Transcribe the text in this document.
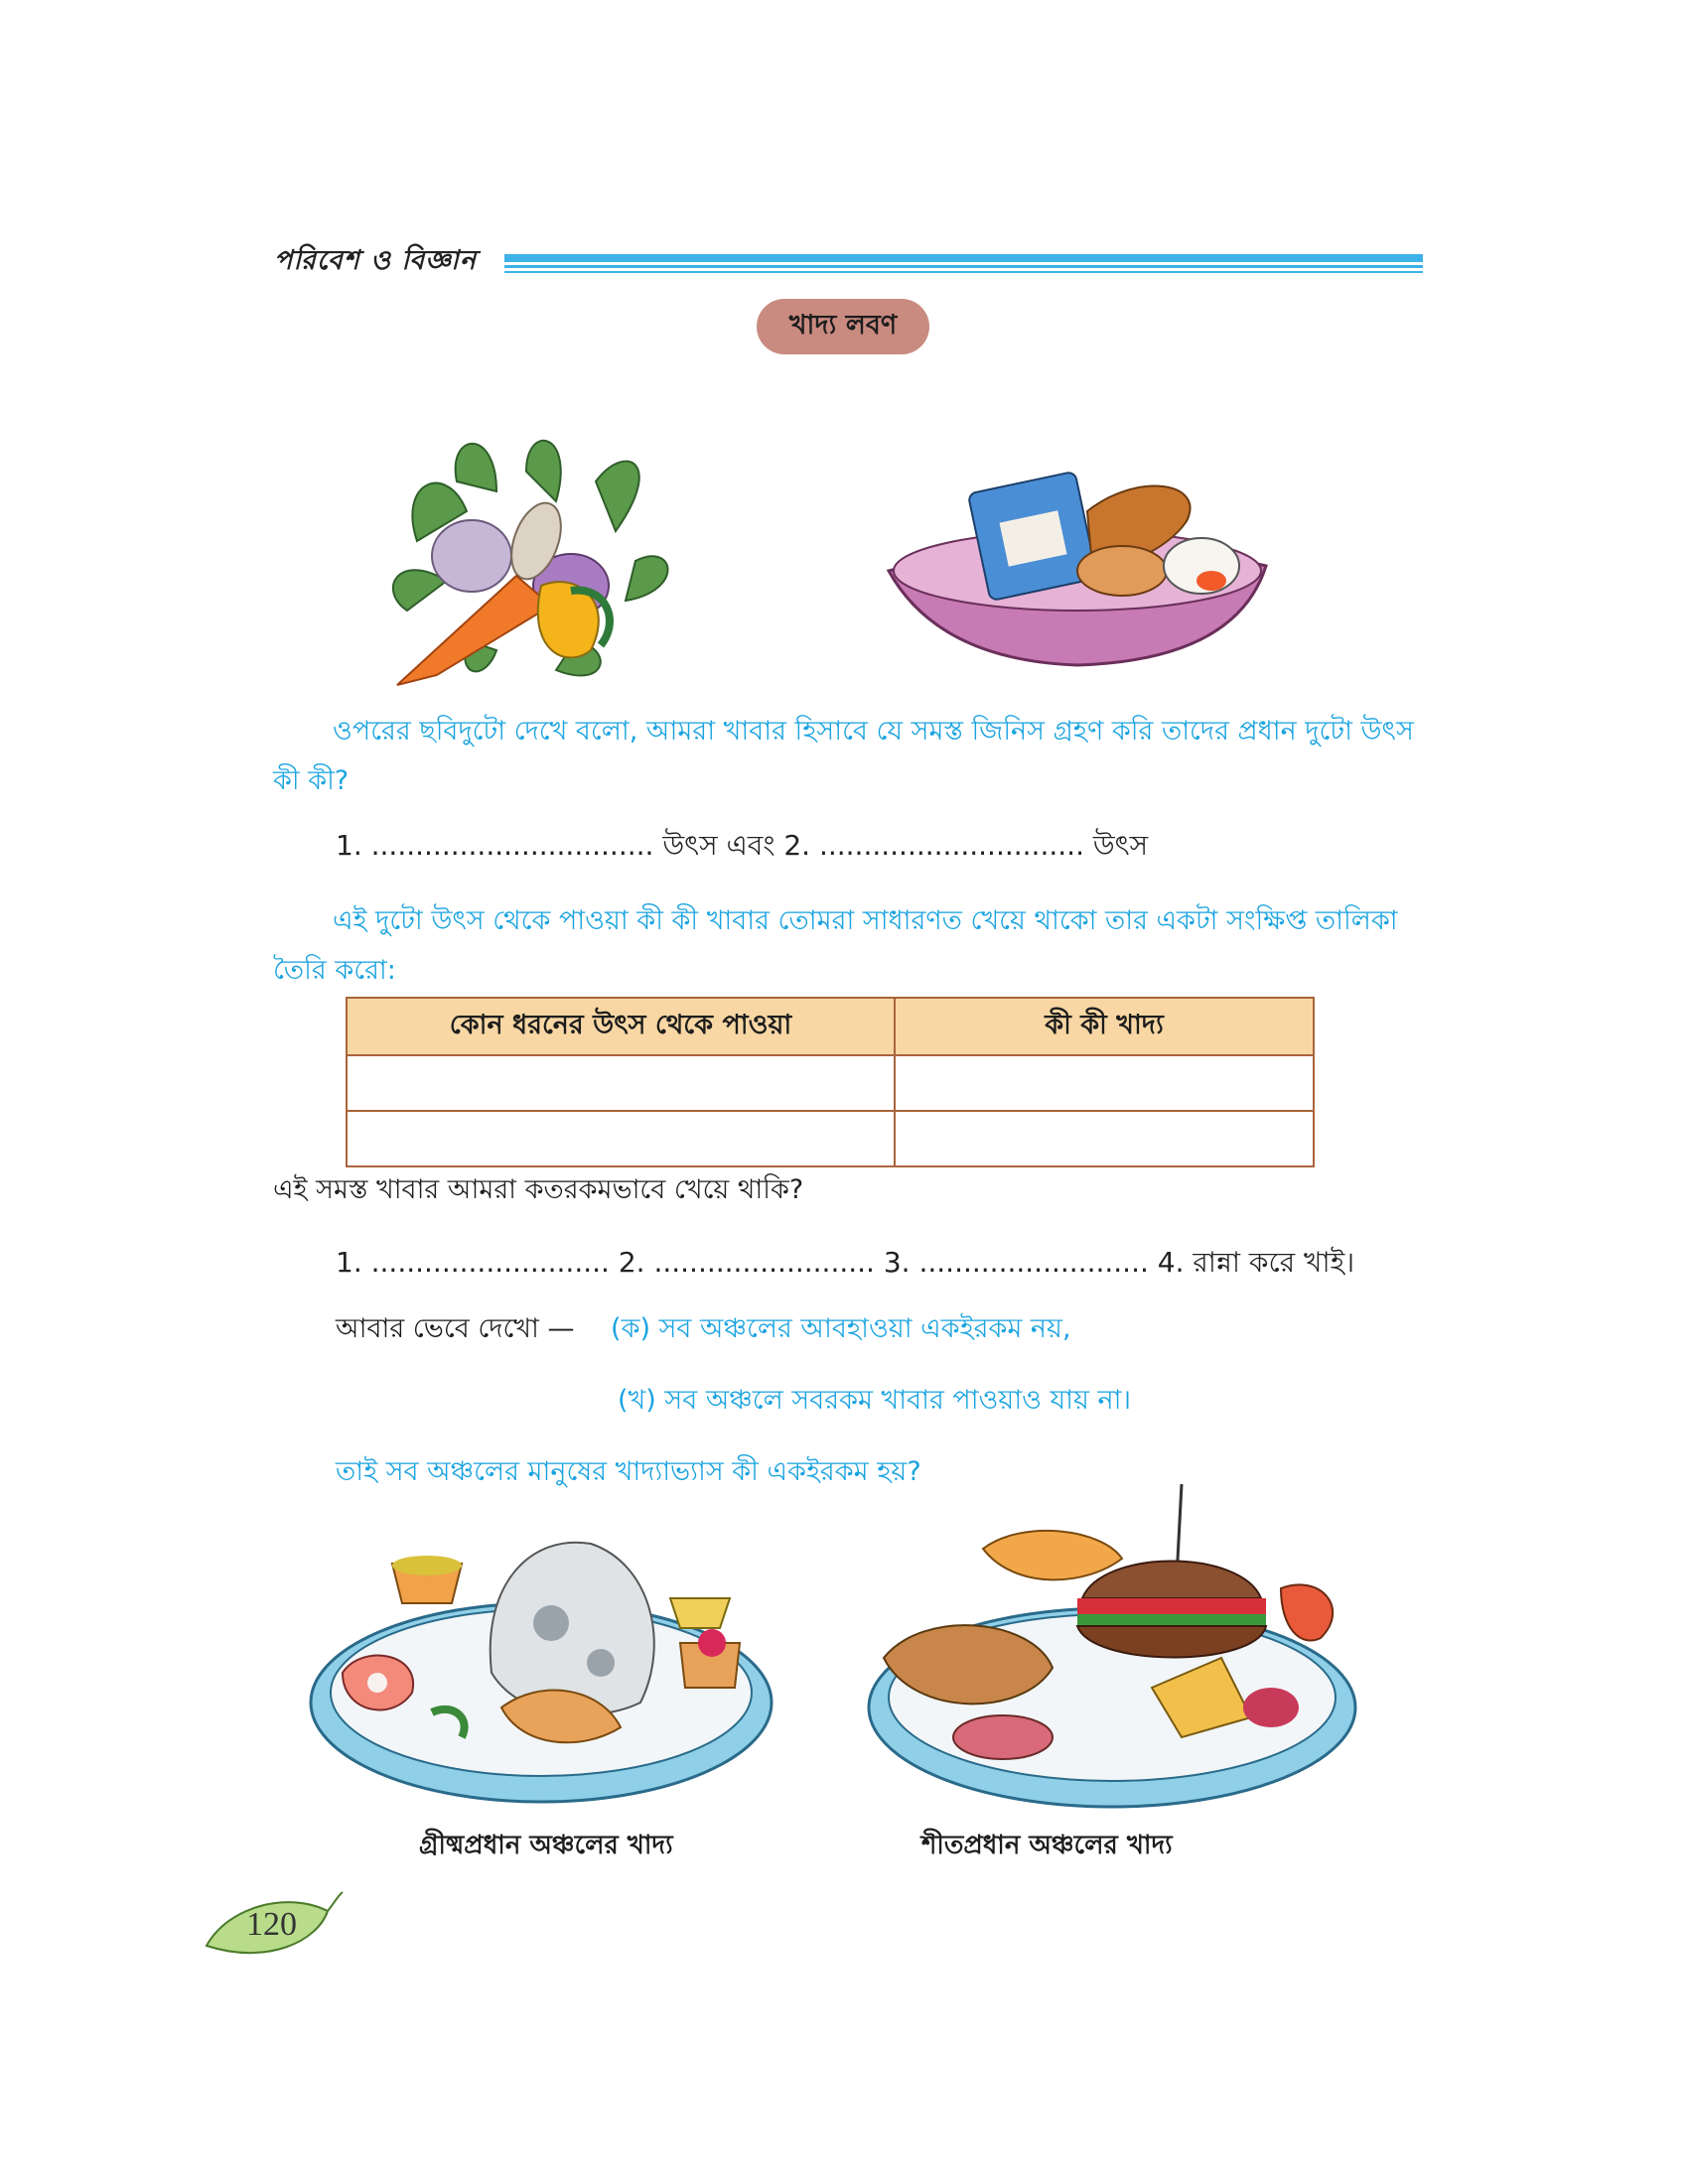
পরিবেশ ও বিজ্ঞান
খাদ্য লবণ
ওপরের ছবিদুটো দেখে বলো, আমরা খাবার হিসাবে যে সমস্ত জিনিস গ্রহণ করি তাদের প্রধান দুটো উৎস কী কী?
1. ................................ উৎস এবং 2. .............................. উৎস
এই দুটো উৎস থেকে পাওয়া কী কী খাবার তোমরা সাধারণত খেয়ে থাকো তার একটা সংক্ষিপ্ত তালিকা তৈরি করো:
কোন ধরনের উৎস থেকে পাওয়া	কী কী খাদ্য

এই সমস্ত খাবার আমরা কতরকমভাবে খেয়ে থাকি?
1. ........................... 2. ......................... 3. .......................... 4. রান্না করে খাই।
আবার ভেবে দেখো — (ক) সব অঞ্চলের আবহাওয়া একইরকম নয়,
(খ) সব অঞ্চলে সবরকম খাবার পাওয়াও যায় না।
তাই সব অঞ্চলের মানুষের খাদ্যাভ্যাস কী একইরকম হয়?
গ্রীষ্মপ্রধান অঞ্চলের খাদ্য	শীতপ্রধান অঞ্চলের খাদ্য
120
